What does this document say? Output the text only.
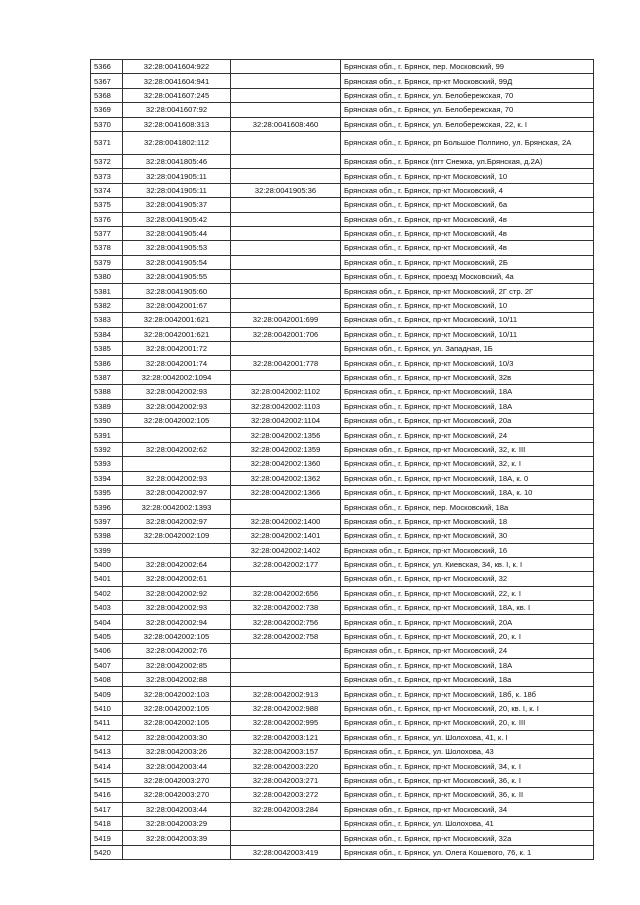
5366	32:28:0041604:922		Брянская обл., г. Брянск, пер. Московский, 99
5367	32:28:0041604:941		Брянская обл., г. Брянск, пр-кт Московский, 99Д
5368	32:28:0041607:245		Брянская обл., г. Брянск, ул. Белобережская, 70
5369	32:28:0041607:92		Брянская обл., г. Брянск, ул. Белобережская, 70
5370	32:28:0041608:313	32:28:0041608:460	Брянская обл., г. Брянск, ул. Белобережская, 22, к. I
5371	32:28:0041802:112		Брянская обл., г. Брянск, рп Большое Полпино, ул. Брянская, 2А
5372	32:28:0041805:46		Брянская обл., г. Брянск (пгт Снежка, ул.Брянская, д.2А)
5373	32:28:0041905:11		Брянская обл., г. Брянск, пр-кт Московский, 10
5374	32:28:0041905:11	32:28:0041905:36	Брянская обл., г. Брянск, пр-кт Московский, 4
5375	32:28:0041905:37		Брянская обл., г. Брянск, пр-кт Московский, 6а
5376	32:28:0041905:42		Брянская обл., г. Брянск, пр-кт Московский, 4в
5377	32:28:0041905:44		Брянская обл., г. Брянск, пр-кт Московский, 4в
5378	32:28:0041905:53		Брянская обл., г. Брянск, пр-кт Московский, 4в
5379	32:28:0041905:54		Брянская обл., г. Брянск, пр-кт Московский, 2Б
5380	32:28:0041905:55		Брянская обл., г. Брянск, проезд Московский, 4а
5381	32:28:0041905:60		Брянская обл., г. Брянск, пр-кт Московский, 2Г стр. 2Г
5382	32:28:0042001:67		Брянская обл., г. Брянск, пр-кт Московский, 10
5383	32:28:0042001:621	32:28:0042001:699	Брянская обл., г. Брянск, пр-кт Московский, 10/11
5384	32:28:0042001:621	32:28:0042001:706	Брянская обл., г. Брянск, пр-кт Московский, 10/11
5385	32:28:0042001:72		Брянская обл., г. Брянск, ул. Западная, 1Б
5386	32:28:0042001:74	32:28:0042001:778	Брянская обл., г. Брянск, пр-кт Московский, 10/3
5387	32:28:0042002:1094		Брянская обл., г. Брянск, пр-кт Московский, 32в
5388	32:28:0042002:93	32:28:0042002:1102	Брянская обл., г. Брянск, пр-кт Московский, 18А
5389	32:28:0042002:93	32:28:0042002:1103	Брянская обл., г. Брянск, пр-кт Московский, 18А
5390	32:28:0042002:105	32:28:0042002:1104	Брянская обл., г. Брянск, пр-кт Московский, 20а
5391		32:28:0042002:1356	Брянская обл., г. Брянск, пр-кт Московский, 24
5392	32:28:0042002:62	32:28:0042002:1359	Брянская обл., г. Брянск, пр-кт Московский, 32, к. III
5393		32:28:0042002:1360	Брянская обл., г. Брянск, пр-кт Московский, 32, к. I
5394	32:28:0042002:93	32:28:0042002:1362	Брянская обл., г. Брянск, пр-кт Московский, 18А, к. 0
5395	32:28:0042002:97	32:28:0042002:1366	Брянская обл., г. Брянск, пр-кт Московский, 18А, к. 10
5396	32:28:0042002:1393		Брянская обл., г. Брянск, пер. Московский, 18а
5397	32:28:0042002:97	32:28:0042002:1400	Брянская обл., г. Брянск, пр-кт Московский, 18
5398	32:28:0042002:109	32:28:0042002:1401	Брянская обл., г. Брянск, пр-кт Московский, 30
5399		32:28:0042002:1402	Брянская обл., г. Брянск, пр-кт Московский, 16
5400	32:28:0042002:64	32:28:0042002:177	Брянская обл., г. Брянск, ул. Киевская, 34, кв. I, к. I
5401	32:28:0042002:61		Брянская обл., г. Брянск, пр-кт Московский, 32
5402	32:28:0042002:92	32:28:0042002:656	Брянская обл., г. Брянск, пр-кт Московский, 22, к. I
5403	32:28:0042002:93	32:28:0042002:738	Брянская обл., г. Брянск, пр-кт Московский, 18А, кв. I
5404	32:28:0042002:94	32:28:0042002:756	Брянская обл., г. Брянск, пр-кт Московский, 20А
5405	32:28:0042002:105	32:28:0042002:758	Брянская обл., г. Брянск, пр-кт Московский, 20, к. I
5406	32:28:0042002:76		Брянская обл., г. Брянск, пр-кт Московский, 24
5407	32:28:0042002:85		Брянская обл., г. Брянск, пр-кт Московский, 18А
5408	32:28:0042002:88		Брянская обл., г. Брянск, пр-кт Московский, 18а
5409	32:28:0042002:103	32:28:0042002:913	Брянская обл., г. Брянск, пр-кт Московский, 18б, к. 18б
5410	32:28:0042002:105	32:28:0042002:988	Брянская обл., г. Брянск, пр-кт Московский, 20, кв. I, к. I
5411	32:28:0042002:105	32:28:0042002:995	Брянская обл., г. Брянск, пр-кт Московский, 20, к. III
5412	32:28:0042003:30	32:28:0042003:121	Брянская обл., г. Брянск, ул. Шолохова, 41, к. I
5413	32:28:0042003:26	32:28:0042003:157	Брянская обл., г. Брянск, ул. Шолохова, 43
5414	32:28:0042003:44	32:28:0042003:220	Брянская обл., г. Брянск, пр-кт Московский, 34, к. I
5415	32:28:0042003:270	32:28:0042003:271	Брянская обл., г. Брянск, пр-кт Московский, 36, к. I
5416	32:28:0042003:270	32:28:0042003:272	Брянская обл., г. Брянск, пр-кт Московский, 36, к. II
5417	32:28:0042003:44	32:28:0042003:284	Брянская обл., г. Брянск, пр-кт Московский, 34
5418	32:28:0042003:29		Брянская обл., г. Брянск, ул. Шолохова, 41
5419	32:28:0042003:39		Брянская обл., г. Брянск, пр-кт Московский, 32а
5420		32:28:0042003:419	Брянская обл., г. Брянск, ул. Олега Кошевого, 76, к. 1
